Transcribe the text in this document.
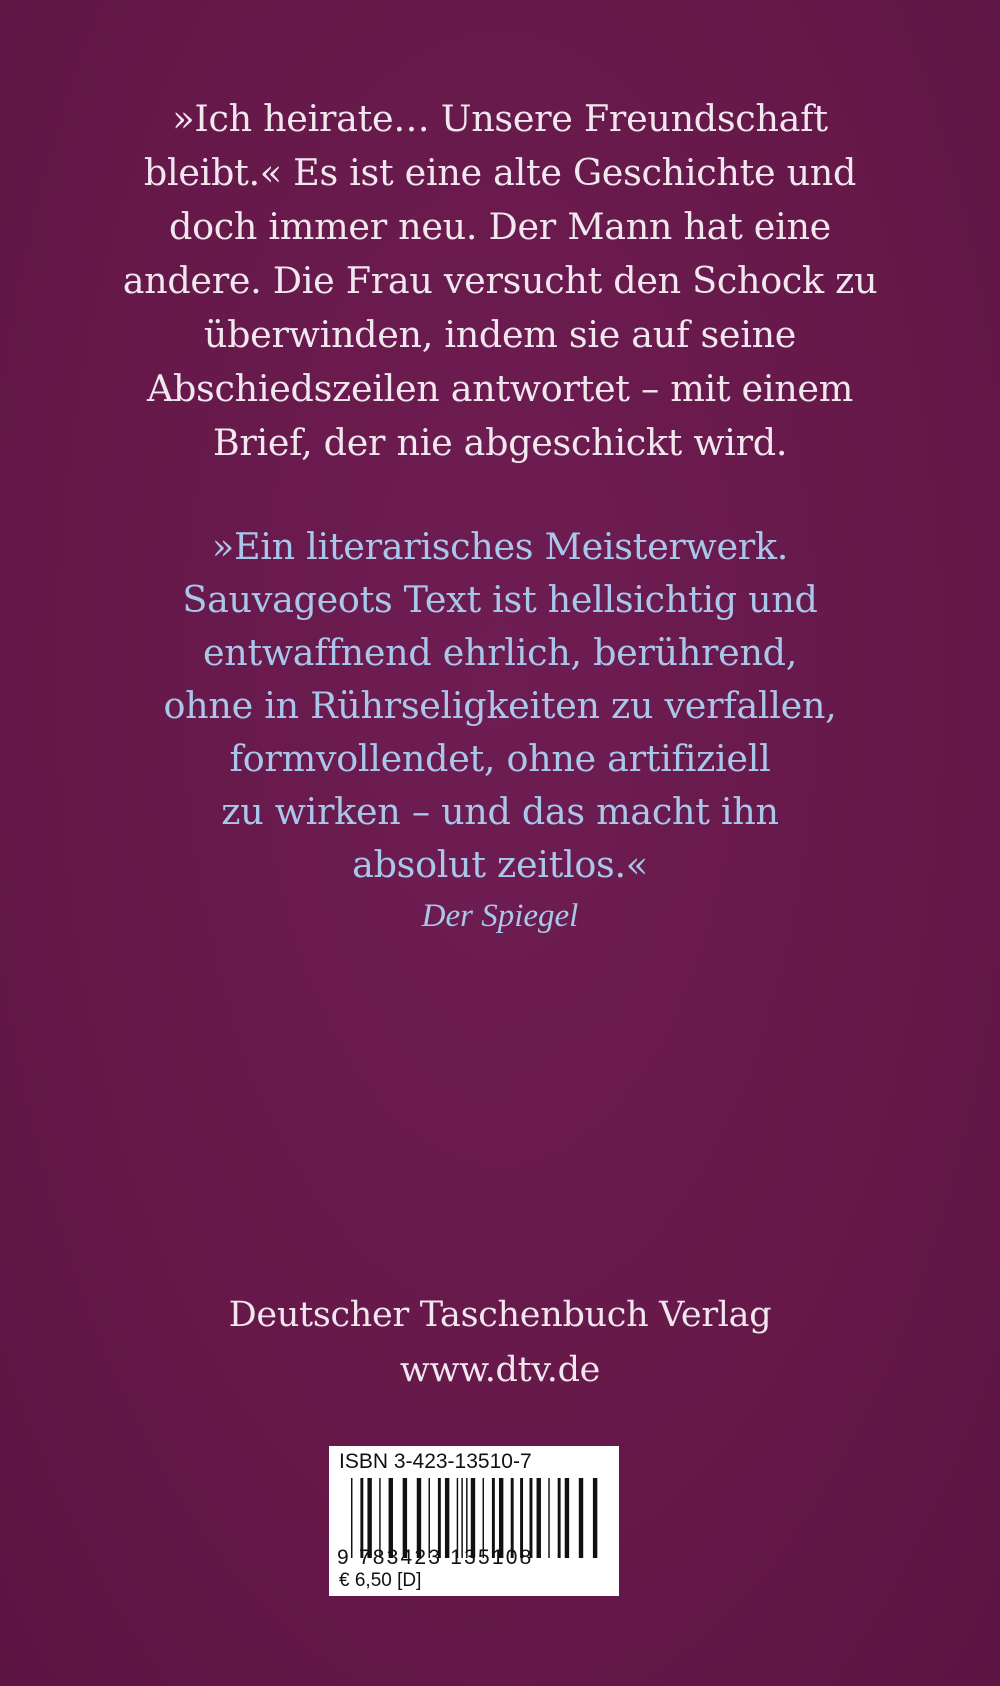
»Ich heirate… Unsere Freundschaft
bleibt.« Es ist eine alte Geschichte und
doch immer neu. Der Mann hat eine
andere. Die Frau versucht den Schock zu
überwinden, indem sie auf seine
Abschiedszeilen antwortet – mit einem
Brief, der nie abgeschickt wird.
»Ein literarisches Meisterwerk.
Sauvageots Text ist hellsichtig und
entwaffnend ehrlich, berührend,
ohne in Rührseligkeiten zu verfallen,
formvollendet, ohne artifiziell
zu wirken – und das macht ihn
absolut zeitlos.«
Der Spiegel
Deutscher Taschenbuch Verlag
www.dtv.de
ISBN 3-423-13510-7
9 783423 135108
€ 6,50 [D]
